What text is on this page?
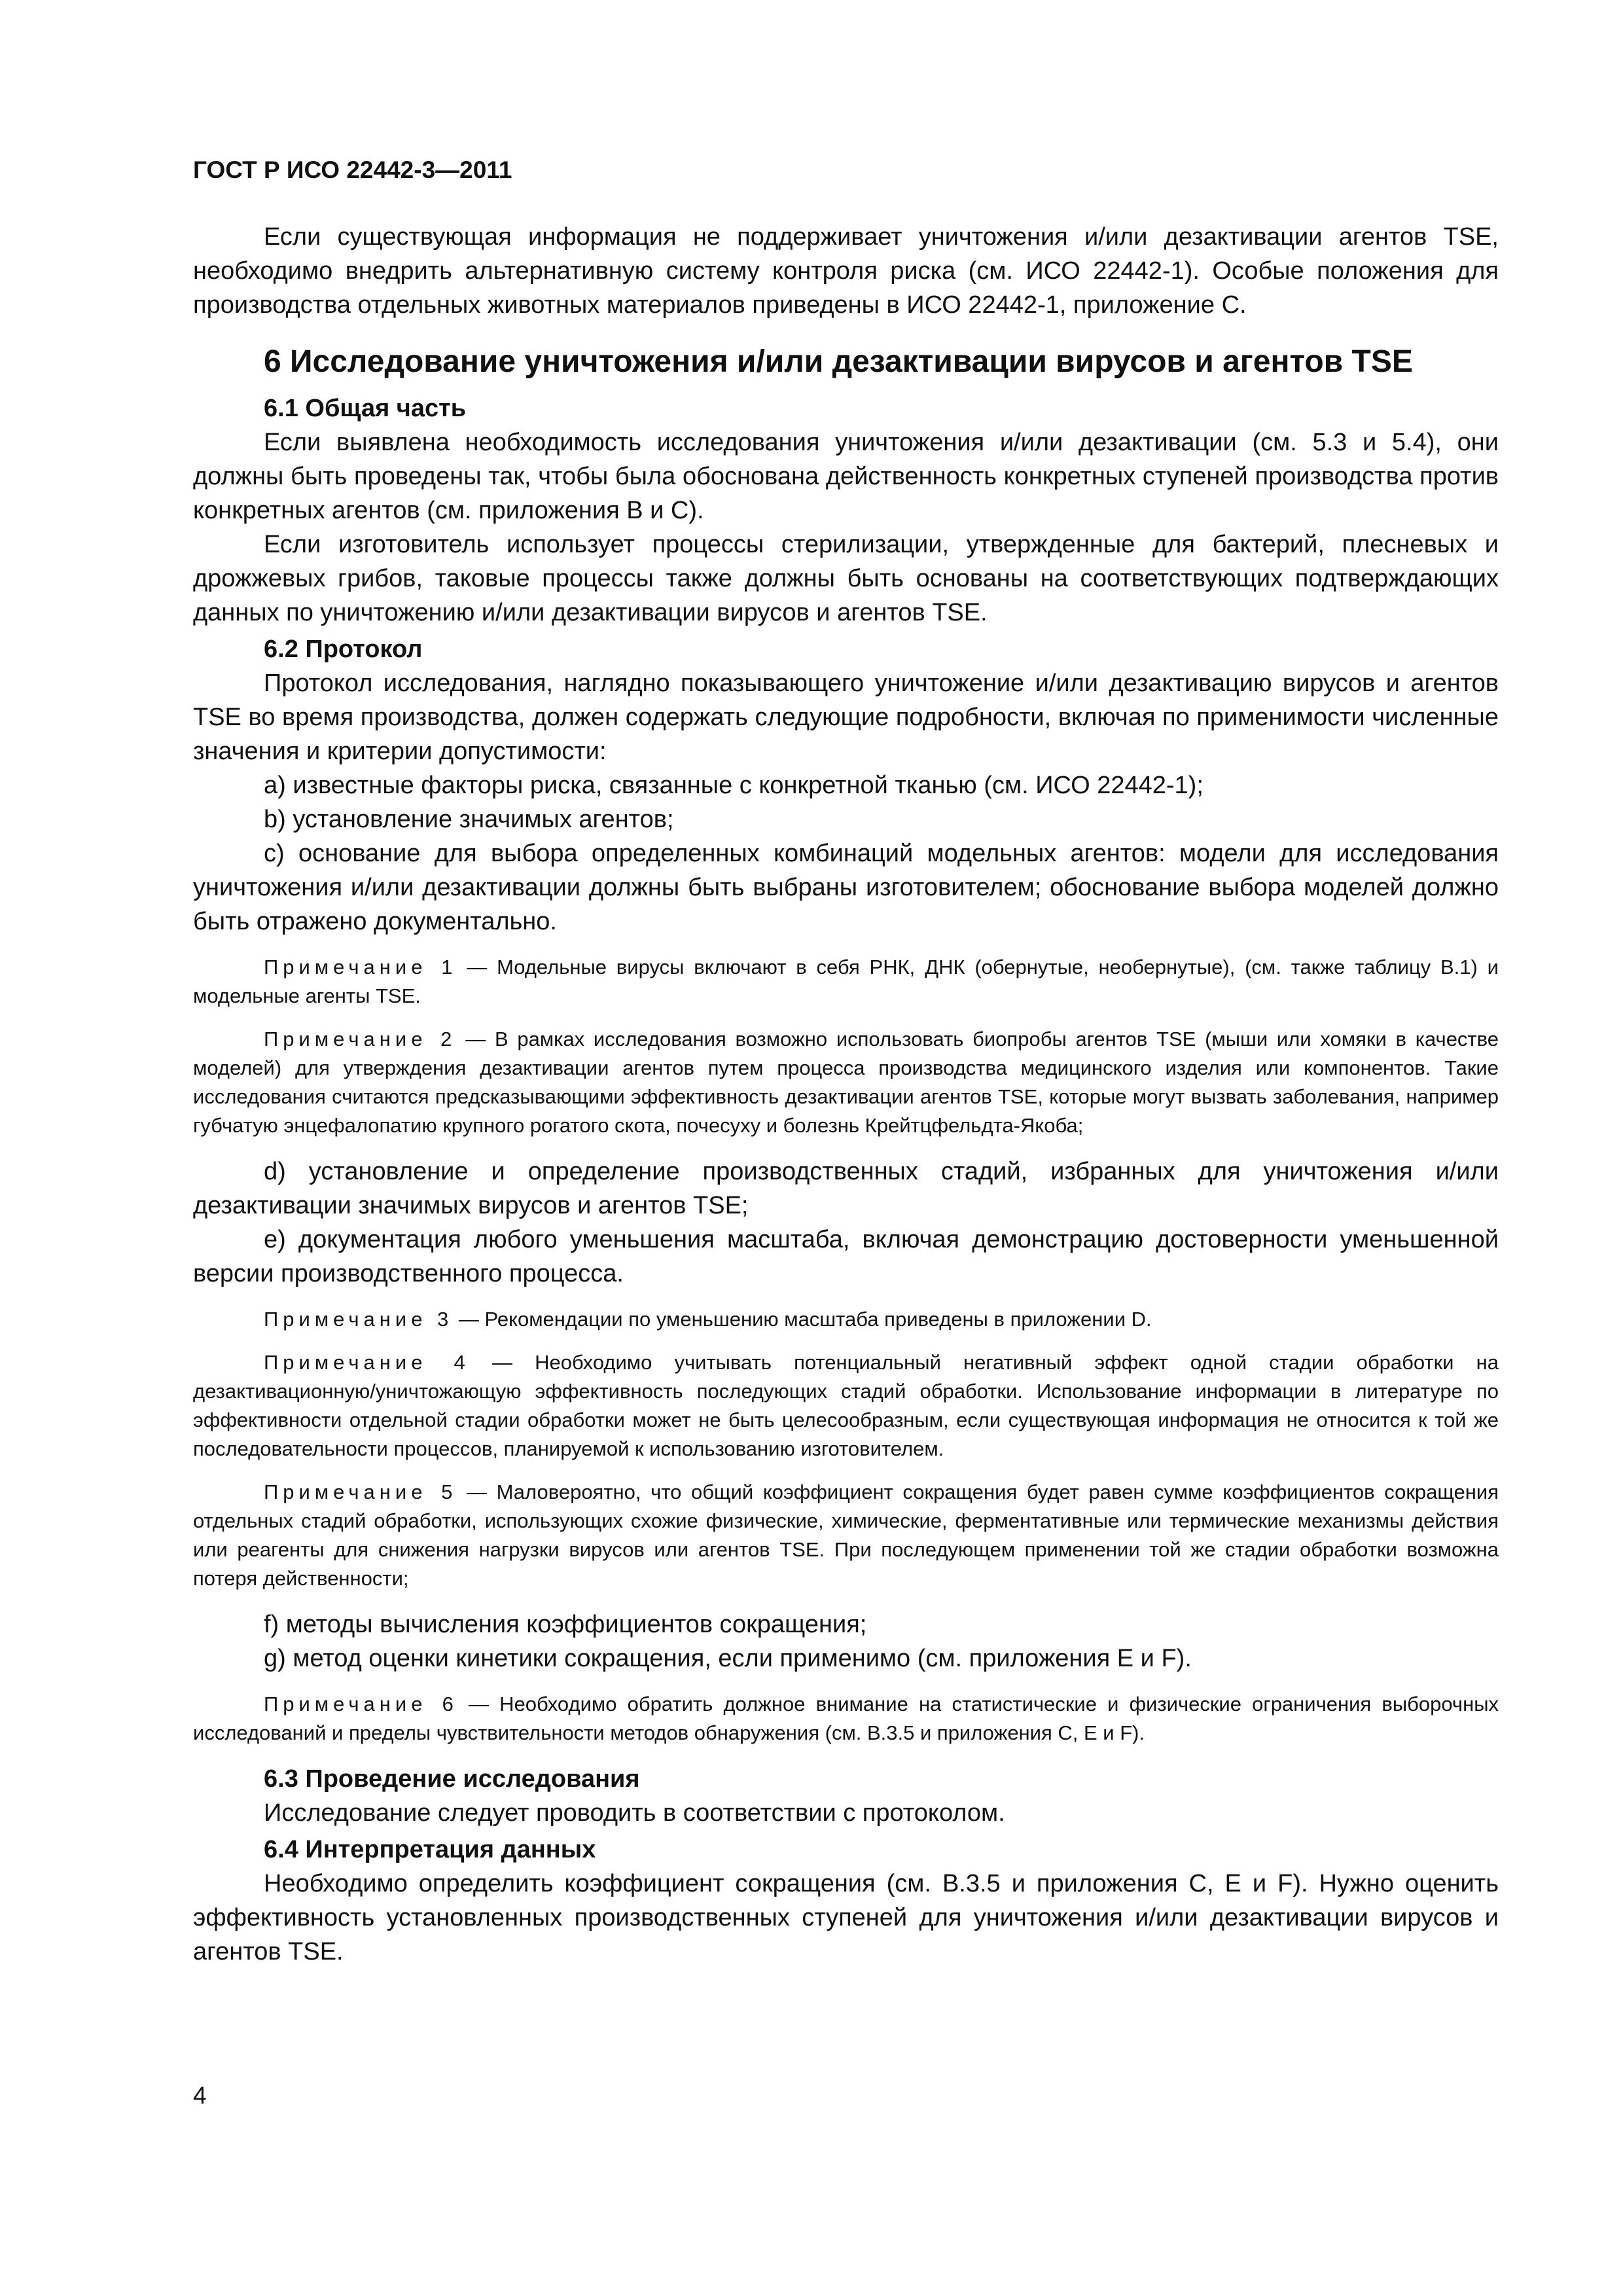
ГОСТ Р ИСО 22442-3—2011

Если существующая информация не поддерживает уничтожения и/или дезактивации агентов TSE, необходимо внедрить альтернативную систему контроля риска (см. ИСО 22442-1). Особые положения для производства отдельных животных материалов приведены в ИСО 22442-1, приложение С.

6 Исследование уничтожения и/или дезактивации вирусов и агентов TSE
6.1 Общая часть

Если выявлена необходимость исследования уничтожения и/или дезактивации (см. 5.3 и 5.4), они должны быть проведены так, чтобы была обоснована действенность конкретных ступеней производства против конкретных агентов (см. приложения В и С).

Если изготовитель использует процессы стерилизации, утвержденные для бактерий, плесневых и дрожжевых грибов, таковые процессы также должны быть основаны на соответствующих подтверждающих данных по уничтожению и/или дезактивации вирусов и агентов TSE.

6.2 Протокол

Протокол исследования, наглядно показывающего уничтожение и/или дезактивацию вирусов и агентов TSE во время производства, должен содержать следующие подробности, включая по применимости численные значения и критерии допустимости:

a) известные факторы риска, связанные с конкретной тканью (см. ИСО 22442-1);

b) установление значимых агентов;

c) основание для выбора определенных комбинаций модельных агентов: модели для исследования уничтожения и/или дезактивации должны быть выбраны изготовителем; обоснование выбора моделей должно быть отражено документально.

Примечание 1 — Модельные вирусы включают в себя РНК, ДНК (обернутые, необернутые), (см. также таблицу В.1) и модельные агенты TSE.

Примечание 2 — В рамках исследования возможно использовать биопробы агентов TSE (мыши или хомяки в качестве моделей) для утверждения дезактивации агентов путем процесса производства медицинского изделия или компонентов. Такие исследования считаются предсказывающими эффективность дезактивации агентов TSE, которые могут вызвать заболевания, например губчатую энцефалопатию крупного рогатого скота, почесуху и болезнь Крейтцфельдта-Якоба;

d) установление и определение производственных стадий, избранных для уничтожения и/или дезактивации значимых вирусов и агентов TSE;

e) документация любого уменьшения масштаба, включая демонстрацию достоверности уменьшенной версии производственного процесса.

Примечание 3 — Рекомендации по уменьшению масштаба приведены в приложении D.

Примечание 4 — Необходимо учитывать потенциальный негативный эффект одной стадии обработки на дезактивационную/уничтожающую эффективность последующих стадий обработки. Использование информации в литературе по эффективности отдельной стадии обработки может не быть целесообразным, если существующая информация не относится к той же последовательности процессов, планируемой к использованию изготовителем.

Примечание 5 — Маловероятно, что общий коэффициент сокращения будет равен сумме коэффициентов сокращения отдельных стадий обработки, использующих схожие физические, химические, ферментативные или термические механизмы действия или реагенты для снижения нагрузки вирусов или агентов TSE. При последующем применении той же стадии обработки возможна потеря действенности;

f) методы вычисления коэффициентов сокращения;

g) метод оценки кинетики сокращения, если применимо (см. приложения Е и F).

Примечание 6 — Необходимо обратить должное внимание на статистические и физические ограничения выборочных исследований и пределы чувствительности методов обнаружения (см. В.3.5 и приложения С, Е и F).

6.3 Проведение исследования

Исследование следует проводить в соответствии с протоколом.

6.4 Интерпретация данных

Необходимо определить коэффициент сокращения (см. В.3.5 и приложения С, Е и F). Нужно оценить эффективность установленных производственных ступеней для уничтожения и/или дезактивации вирусов и агентов TSE.

4
